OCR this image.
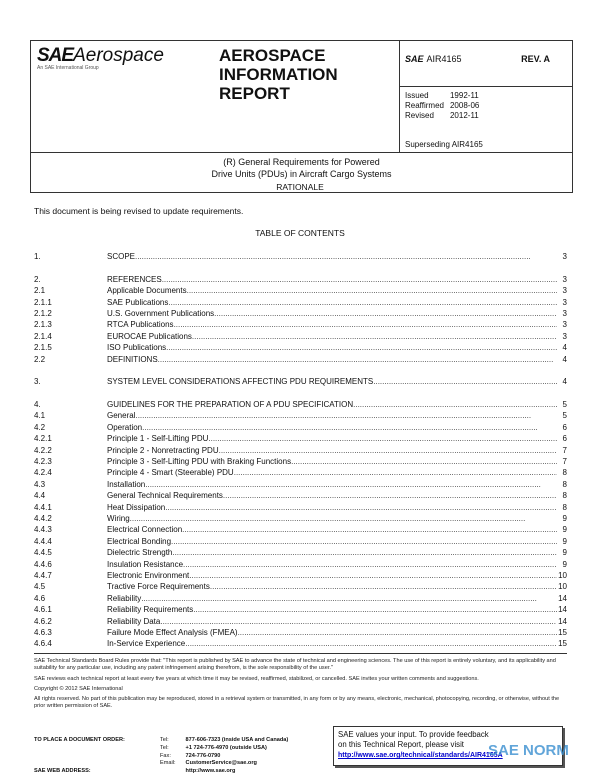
SAEAerospace
An SAE International Group
AEROSPACE
INFORMATION
REPORT
SAE AIR4165	REV. A
Issued	1992-11
Reaffirmed	2008-06
Revised	2012-11
Superseding AIR4165
(R) General Requirements for Powered
Drive Units (PDUs) in Aircraft Cargo Systems
RATIONALE
This document is being revised to update requirements.
TABLE OF CONTENTS
1.	SCOPE .....	3
2.	REFERENCES .....	3
2.1	Applicable Documents .....	3
2.1.1	SAE Publications .....	3
2.1.2	U.S. Government Publications .....	3
2.1.3	RTCA Publications .....	3
2.1.4	EUROCAE Publications .....	3
2.1.5	ISO Publications .....	4
2.2	DEFINITIONS .....	4
3.	SYSTEM LEVEL CONSIDERATIONS AFFECTING PDU REQUIREMENTS .....	4
4.	GUIDELINES FOR THE PREPARATION OF A PDU SPECIFICATION .....	5
4.1	General .....	5
4.2	Operation .....	6
4.2.1	Principle 1 - Self-Lifting PDU .....	6
4.2.2	Principle 2 - Nonretracting PDU .....	7
4.2.3	Principle 3 - Self-Lifting PDU with Braking Functions .....	7
4.2.4	Principle 4 - Smart (Steerable) PDU .....	8
4.3	Installation .....	8
4.4	General Technical Requirements .....	8
4.4.1	Heat Dissipation .....	8
4.4.2	Wiring .....	9
4.4.3	Electrical Connection .....	9
4.4.4	Electrical Bonding .....	9
4.4.5	Dielectric Strength .....	9
4.4.6	Insulation Resistance .....	9
4.4.7	Electronic Environment .....	10
4.5	Tractive Force Requirements .....	10
4.6	Reliability .....	14
4.6.1	Reliability Requirements .....	14
4.6.2	Reliability Data .....	14
4.6.3	Failure Mode Effect Analysis (FMEA) .....	15
4.6.4	In-Service Experience .....	15

SAE Technical Standards Board Rules provide that: "This report is published by SAE to advance the state of technical and engineering sciences. The use of this report is entirely voluntary, and its applicability and suitability for any particular use, including any patent infringement arising therefrom, is the sole responsibility of the user."

SAE reviews each technical report at least every five years at which time it may be revised, reaffirmed, stabilized, or cancelled. SAE invites your written comments and suggestions.

Copyright © 2012 SAE International

All rights reserved. No part of this publication may be reproduced, stored in a retrieval system or transmitted, in any form or by any means, electronic, mechanical, photocopying, recording, or otherwise, without the prior written permission of SAE.

TO PLACE A DOCUMENT ORDER:

SAE WEB ADDRESS:
Tel:	877-606-7323 (inside USA and Canada)
Tel:	+1 724-776-4970 (outside USA)
Fax:	724-776-0790
Email:	CustomerService@sae.org
	http://www.sae.org
SAE values your input. To provide feedback
on this Technical Report, please visit
http://www.sae.org/technical/standards/AIR4165A
SAE NORM
